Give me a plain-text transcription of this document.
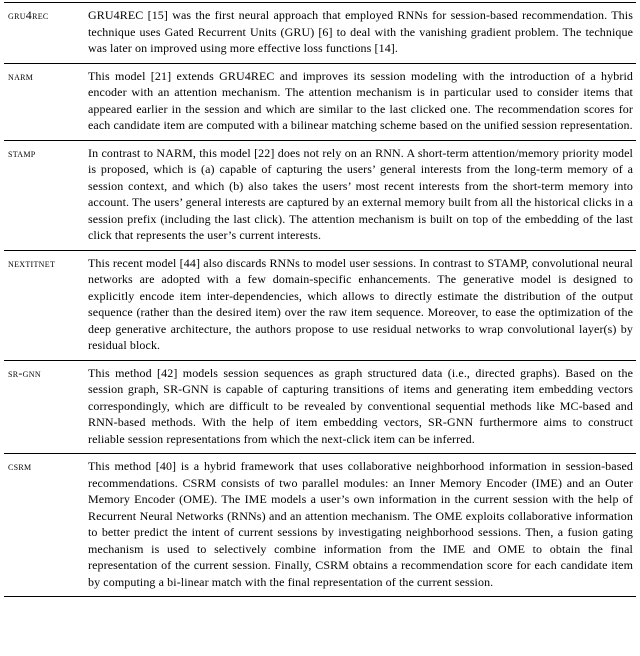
gru4rec	GRU4REC [15] was the first neural approach that employed RNNs for session-based recommendation. This technique uses Gated Recurrent Units (GRU) [6] to deal with the vanishing gradient problem. The technique was later on improved using more effective loss functions [14].
narm	This model [21] extends GRU4REC and improves its session modeling with the introduction of a hybrid encoder with an attention mechanism. The attention mechanism is in particular used to consider items that appeared earlier in the session and which are similar to the last clicked one. The recommendation scores for each candidate item are computed with a bilinear matching scheme based on the unified session representation.
stamp	In contrast to NARM, this model [22] does not rely on an RNN. A short-term attention/memory priority model is proposed, which is (a) capable of capturing the users’ general interests from the long-term memory of a session context, and which (b) also takes the users’ most recent interests from the short-term memory into account. The users’ general interests are captured by an external memory built from all the historical clicks in a session prefix (including the last click). The attention mechanism is built on top of the embedding of the last click that represents the user’s current interests.
nextitnet	This recent model [44] also discards RNNs to model user sessions. In contrast to STAMP, convolutional neural networks are adopted with a few domain-specific enhancements. The generative model is designed to explicitly encode item inter-dependencies, which allows to directly estimate the distribution of the output sequence (rather than the desired item) over the raw item sequence. Moreover, to ease the optimization of the deep generative architecture, the authors propose to use residual networks to wrap convolutional layer(s) by residual block.
sr-gnn	This method [42] models session sequences as graph structured data (i.e., directed graphs). Based on the session graph, SR-GNN is capable of capturing transitions of items and generating item embedding vectors correspondingly, which are difficult to be revealed by conventional sequential methods like MC-based and RNN-based methods. With the help of item embedding vectors, SR-GNN furthermore aims to construct reliable session representations from which the next-click item can be inferred.
csrm	This method [40] is a hybrid framework that uses collaborative neighborhood information in session-based recommendations. CSRM consists of two parallel modules: an Inner Memory Encoder (IME) and an Outer Memory Encoder (OME). The IME models a user’s own information in the current session with the help of Recurrent Neural Networks (RNNs) and an attention mechanism. The OME exploits collaborative information to better predict the intent of current sessions by investigating neighborhood sessions. Then, a fusion gating mechanism is used to selectively combine information from the IME and OME to obtain the final representation of the current session. Finally, CSRM obtains a recommendation score for each candidate item by computing a bi-linear match with the final representation of the current session.
